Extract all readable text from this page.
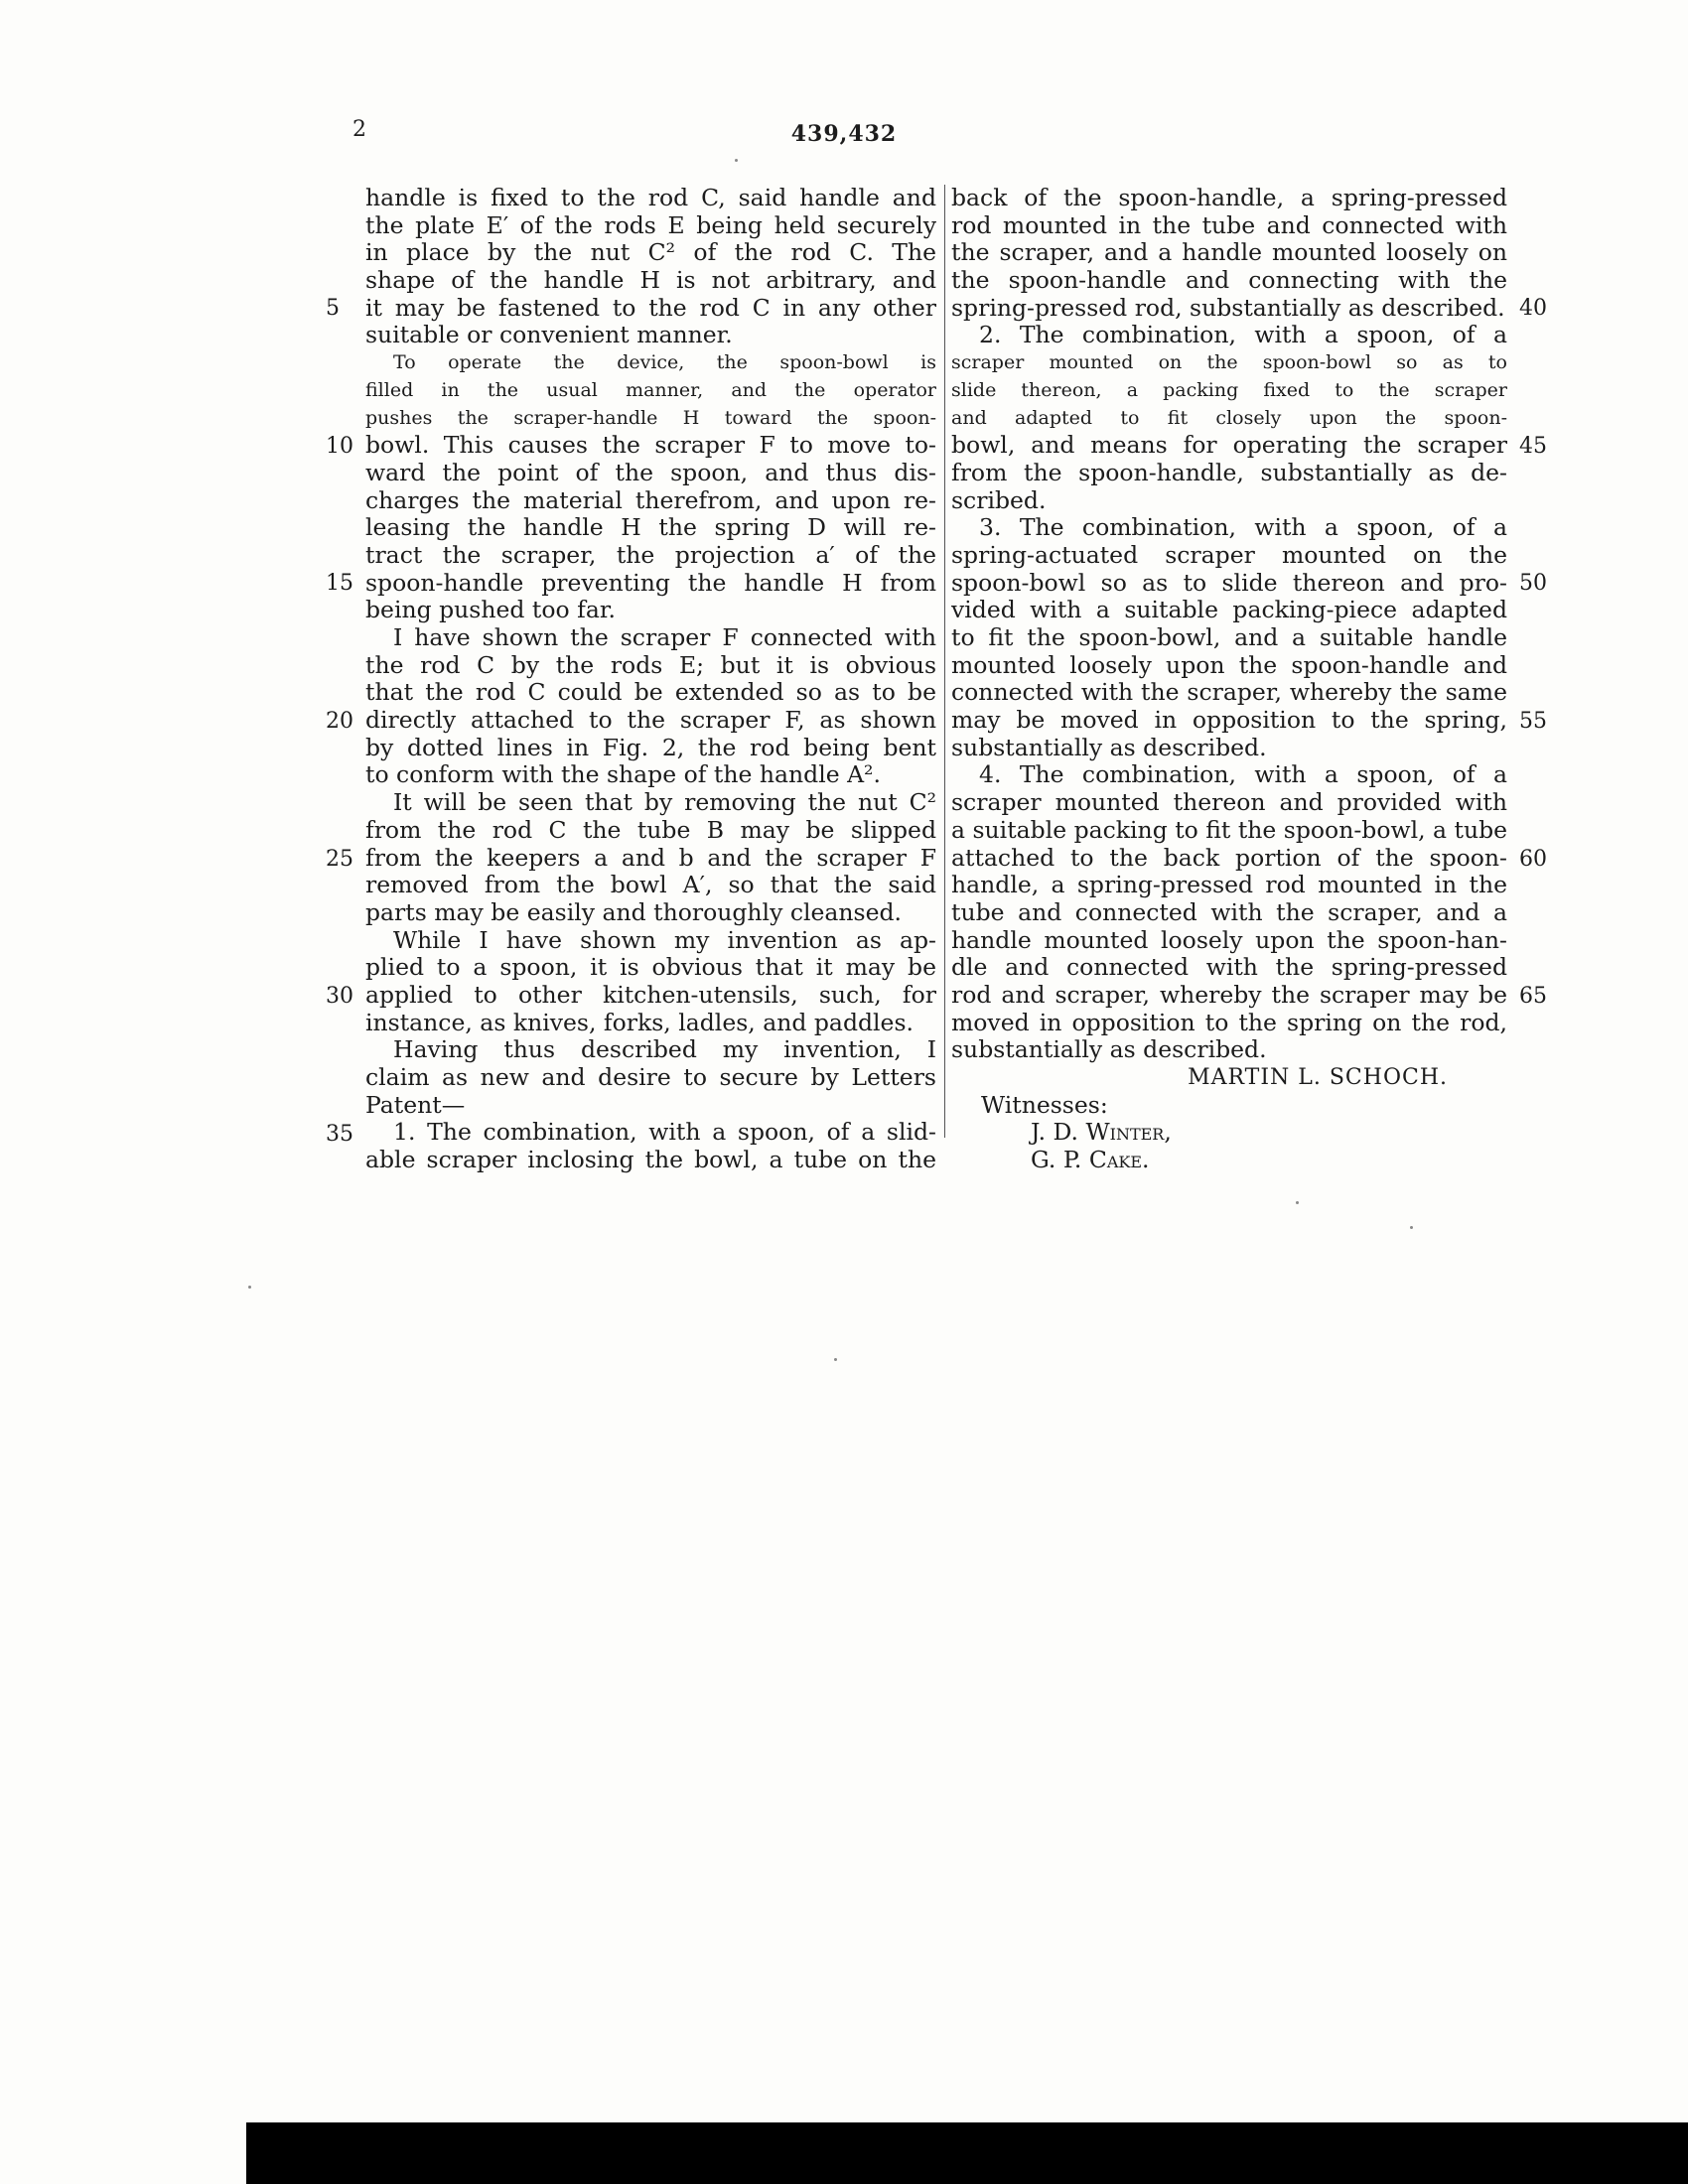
2	439,432
handle is fixed to the rod C, said handle and
the plate E′ of the rods E being held securely
in place by the nut C² of the rod C. The
shape of the handle H is not arbitrary, and
it may be fastened to the rod C in any other
suitable or convenient manner.
To operate the device, the spoon-bowl is
filled in the usual manner, and the operator
pushes the scraper-handle H toward the spoon-
bowl. This causes the scraper F to move to-
ward the point of the spoon, and thus dis-
charges the material therefrom, and upon re-
leasing the handle H the spring D will re-
tract the scraper, the projection a′ of the
spoon-handle preventing the handle H from
being pushed too far.
I have shown the scraper F connected with
the rod C by the rods E; but it is obvious
that the rod C could be extended so as to be
directly attached to the scraper F, as shown
by dotted lines in Fig. 2, the rod being bent
to conform with the shape of the handle A².
It will be seen that by removing the nut C²
from the rod C the tube B may be slipped
from the keepers a and b and the scraper F
removed from the bowl A′, so that the said
parts may be easily and thoroughly cleansed.
While I have shown my invention as ap-
plied to a spoon, it is obvious that it may be
applied to other kitchen-utensils, such, for
instance, as knives, forks, ladles, and paddles.
Having thus described my invention, I
claim as new and desire to secure by Letters
Patent—
1. The combination, with a spoon, of a slid-
able scraper inclosing the bowl, a tube on the
back of the spoon-handle, a spring-pressed
rod mounted in the tube and connected with
the scraper, and a handle mounted loosely on
the spoon-handle and connecting with the
spring-pressed rod, substantially as described.
2. The combination, with a spoon, of a
scraper mounted on the spoon-bowl so as to
slide thereon, a packing fixed to the scraper
and adapted to fit closely upon the spoon-
bowl, and means for operating the scraper
from the spoon-handle, substantially as de-
scribed.
3. The combination, with a spoon, of a
spring-actuated scraper mounted on the
spoon-bowl so as to slide thereon and pro-
vided with a suitable packing-piece adapted
to fit the spoon-bowl, and a suitable handle
mounted loosely upon the spoon-handle and
connected with the scraper, whereby the same
may be moved in opposition to the spring,
substantially as described.
4. The combination, with a spoon, of a
scraper mounted thereon and provided with
a suitable packing to fit the spoon-bowl, a tube
attached to the back portion of the spoon-
handle, a spring-pressed rod mounted in the
tube and connected with the scraper, and a
handle mounted loosely upon the spoon-han-
dle and connected with the spring-pressed
rod and scraper, whereby the scraper may be
moved in opposition to the spring on the rod,
substantially as described.
MARTIN L. SCHOCH.
Witnesses:
J. D. Winter,
G. P. Cake.
5
10
15
20
25
30
35
40
45
50
55
60
65
